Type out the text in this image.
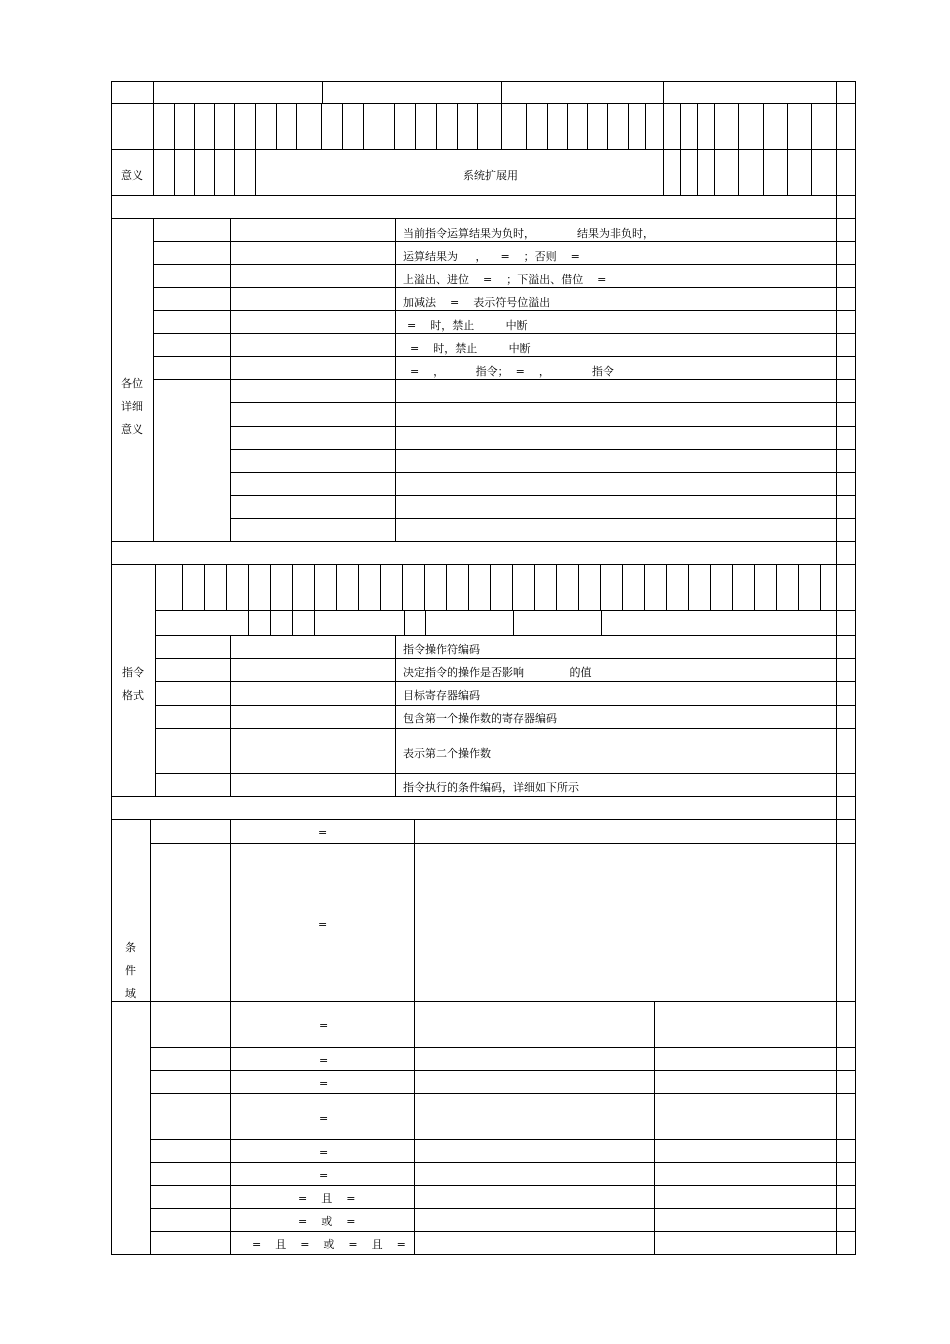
意义	系统扩展用
各位
详细
意义
当前指令运算结果为负时，            结果为非负时，
运算结果为     ，    =    ；否则    =
上溢出、进位    =    ；下溢出、借位    =
加减法    =    表示符号位溢出
=    时，禁止         中断
=    时，禁止         中断
=    ，         指令；  =    ，            指令
指令
格式
指令操作符编码
决定指令的操作是否影响             的值
目标寄存器编码
包含第一个操作数的寄存器编码
表示第二个操作数
指令执行的条件编码，详细如下所示
条
件
域
=
=
=
=
=
=
=
=
=    且    =
=    或    =
=    且    =    或    =    且    =
